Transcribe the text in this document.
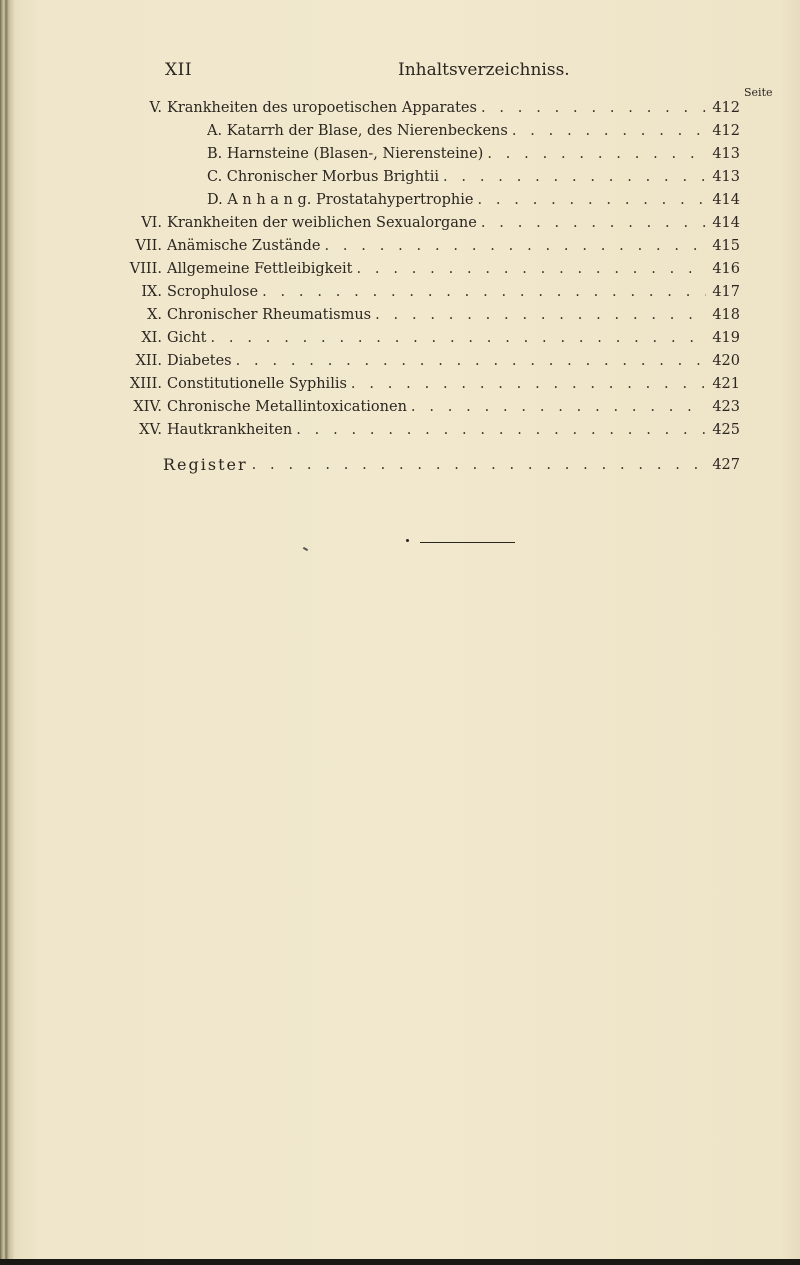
XII	Inhaltsverzeichniss.
Seite
V. Krankheiten des uropoetischen Apparates . . .	412
A. Katarrh der Blase, des Nierenbeckens . . .	412
B. Harnsteine (Blasen-, Nierensteine) . . .	413
C. Chronischer Morbus Brightii . . .	413
D. A n h a n g. Prostatahypertrophie . . .	414
VI. Krankheiten der weiblichen Sexualorgane . . .	414
VII. Anämische Zustände . . .	415
VIII. Allgemeine Fettleibigkeit . . .	416
IX. Scrophulose . . .	417
X. Chronischer Rheumatismus . . .	418
XI. Gicht . . .	419
XII. Diabetes . . .	420
XIII. Constitutionelle Syphilis . . .	421
XIV. Chronische Metallintoxicationen . . .	423
XV. Hautkrankheiten . . .	425
Register . . .	427
